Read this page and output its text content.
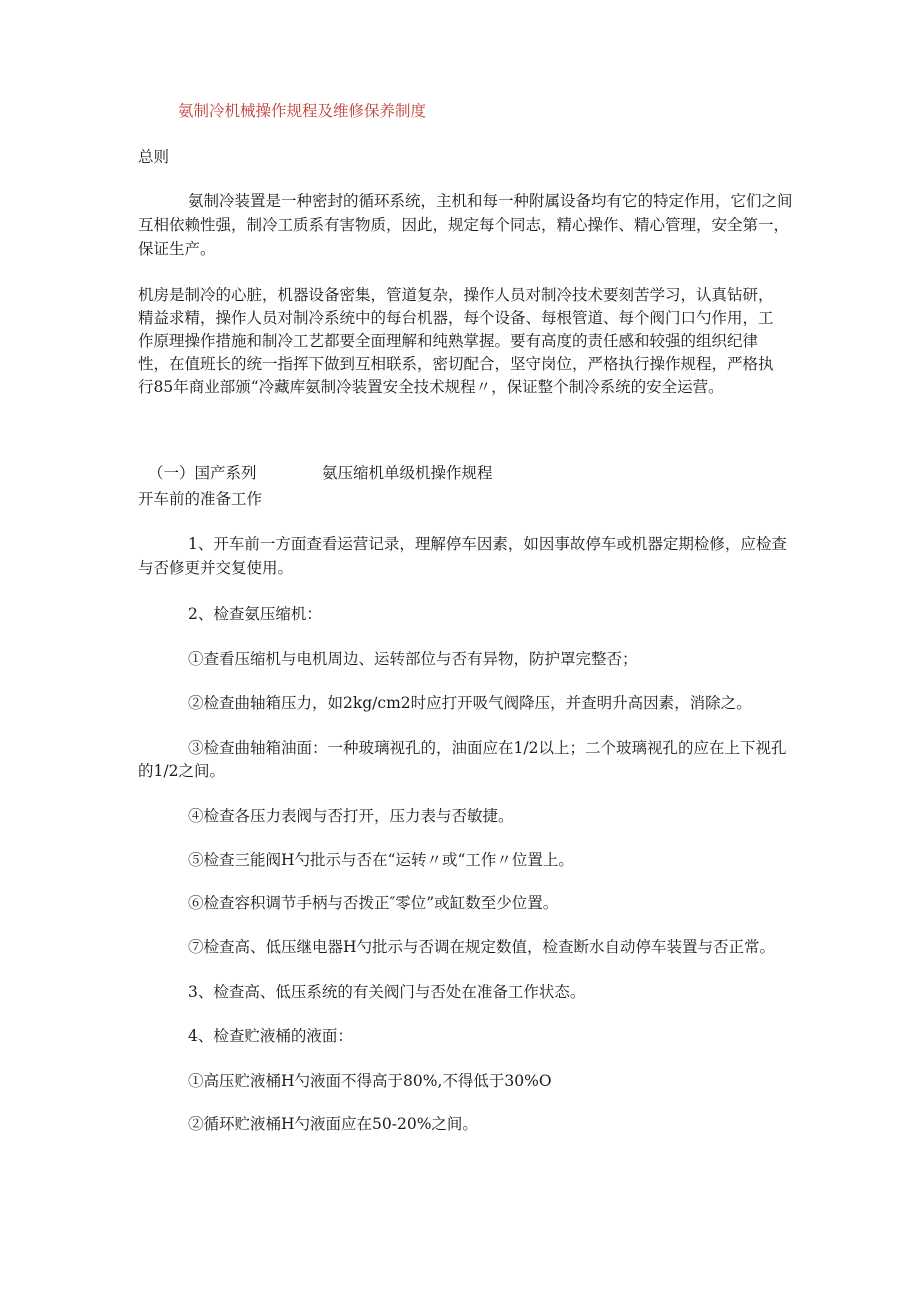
氨制冷机械操作规程及维修保养制度

总则

氨制冷装置是一种密封的循环系统，主机和每一种附属设备均有它的特定作用，它们之间

互相依赖性强，制冷工质系有害物质，因此，规定每个同志，精心操作、精心管理，安全第一，

保证生产。

机房是制冷的心脏，机器设备密集，管道复杂，操作人员对制冷技术要刻苦学习，认真钻研，

精益求精，操作人员对制冷系统中的每台机器，每个设备、每根管道、每个阀门口勺作用，工

作原理操作措施和制冷工艺都要全面理解和纯熟掌握。要有高度的责任感和较强的组织纪律

性，在值班长的统一指挥下做到互相联系，密切配合，坚守岗位，严格执行操作规程，严格执

行85年商业部颁“冷藏库氨制冷装置安全技术规程〃，保证整个制冷系统的安全运营。

（一）国产系列	氨压缩机单级机操作规程

开车前的准备工作

1、开车前一方面查看运营记录，理解停车因素，如因事故停车或机器定期检修，应检查

与否修更并交复使用。

2、检查氨压缩机：

①查看压缩机与电机周边、运转部位与否有异物，防护罩完整否；

②检查曲轴箱压力，如2kg∕cm2时应打开吸气阀降压，并查明升高因素，消除之。

③检查曲轴箱油面：一种玻璃视孔的，油面应在1/2以上；二个玻璃视孔的应在上下视孔

的1/2之间。

④检查各压力表阀与否打开，压力表与否敏捷。

⑤检查三能阀H勺批示与否在“运转〃或“工作〃位置上。

⑥检查容积调节手柄与否拨正″零位”或缸数至少位置。

⑦检查高、低压继电器H勺批示与否调在规定数值，检查断水自动停车装置与否正常。

3、检查高、低压系统的有关阀门与否处在准备工作状态。

4、检查贮液桶的液面：

①高压贮液桶H勺液面不得高于80%,不得低于30%O

②循环贮液桶H勺液面应在50-20%之间。
